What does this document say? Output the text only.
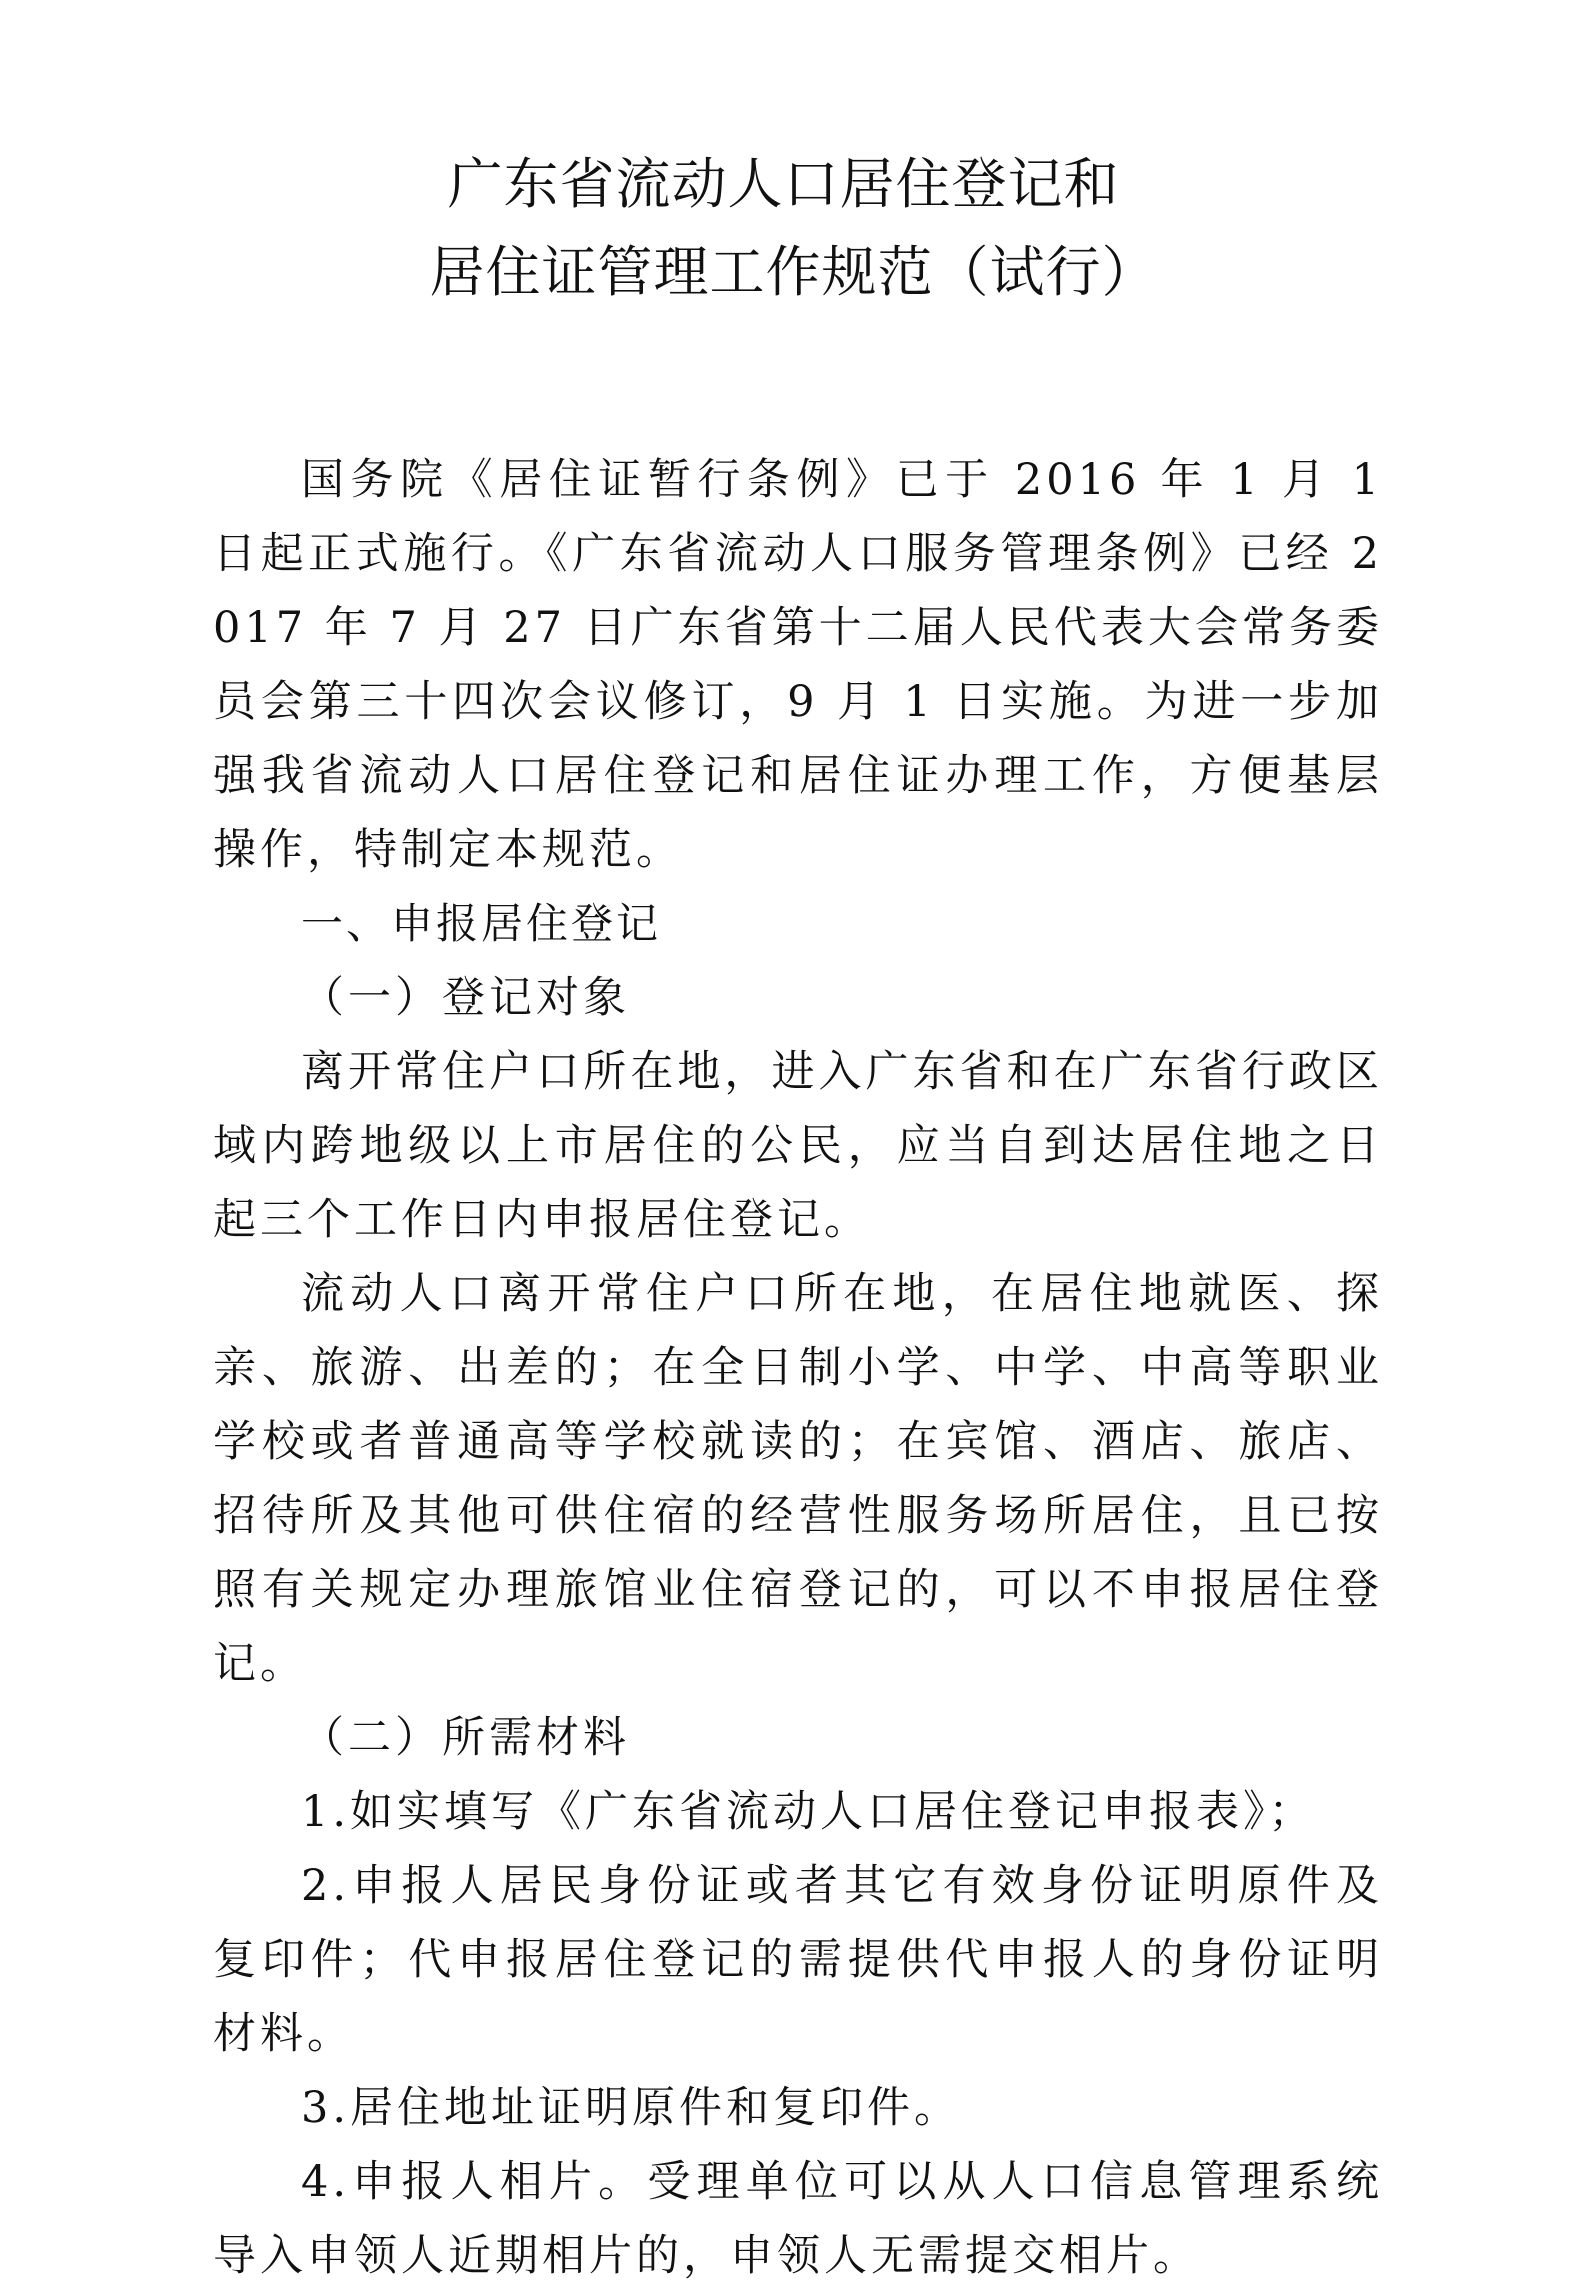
广东省流动人口居住登记和
居住证管理工作规范（试行）

国务院《居住证暂行条例》已于 2016 年 1 月 1 日起正式施行。《广东省流动人口服务管理条例》已经 2017 年 7 月 27 日广东省第十二届人民代表大会常务委员会第三十四次会议修订，9 月 1 日实施。为进一步加强我省流动人口居住登记和居住证办理工作，方便基层操作，特制定本规范。

一、申报居住登记

（一）登记对象

离开常住户口所在地，进入广东省和在广东省行政区域内跨地级以上市居住的公民，应当自到达居住地之日起三个工作日内申报居住登记。

流动人口离开常住户口所在地，在居住地就医、探亲、旅游、出差的；在全日制小学、中学、中高等职业学校或者普通高等学校就读的；在宾馆、酒店、旅店、招待所及其他可供住宿的经营性服务场所居住，且已按照有关规定办理旅馆业住宿登记的，可以不申报居住登记。

（二）所需材料

1.如实填写《广东省流动人口居住登记申报表》；

2.申报人居民身份证或者其它有效身份证明原件及复印件；代申报居住登记的需提供代申报人的身份证明材料。

3.居住地址证明原件和复印件。

4.申报人相片。受理单位可以从人口信息管理系统导入申领人近期相片的，申领人无需提交相片。
